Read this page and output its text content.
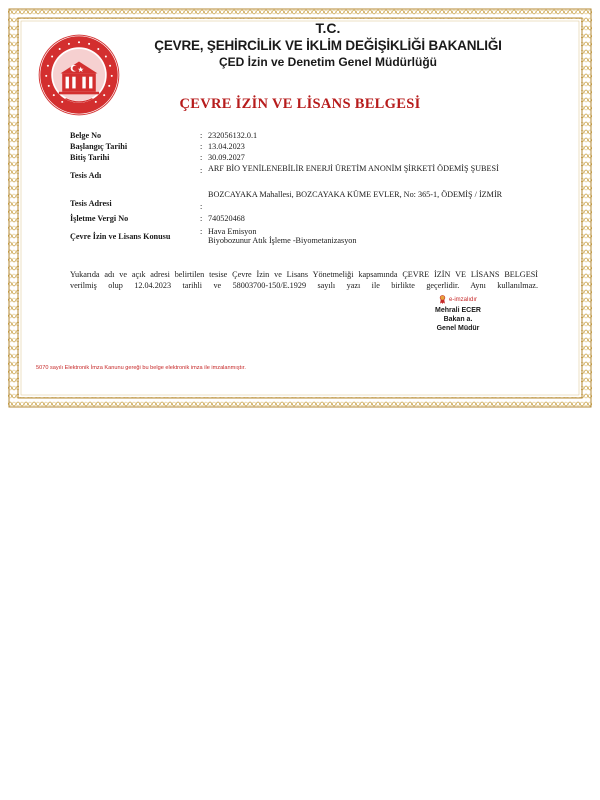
T.C.
ÇEVRE, ŞEHİRCİLİK VE İKLİM DEĞİŞİKLİĞİ BAKANLIĞI
ÇED İzin ve Denetim Genel Müdürlüğü
ÇEVRE İZİN VE LİSANS BELGESİ
Belge No	: 232056132.0.1
Başlangıç Tarihi	: 13.04.2023
Bitiş Tarihi	: 30.09.2027
Tesis Adı
: ARF BİO YENİLENEBİLİR ENERJİ ÜRETİM ANONİM ŞİRKETİ ÖDEMİŞ ŞUBESİ
Tesis Adresi	:
BOZCAYAKA Mahallesi, BOZCAYAKA KÜME EVLER, No: 365-1, ÖDEMİŞ / İZMİR
İşletme Vergi No	: 740520468
Çevre İzin ve Lisans Konusu
: Hava Emisyon
Biyobozunur Atık İşleme -Biyometanizasyon
Yukarıda adı ve açık adresi belirtilen tesise Çevre İzin ve Lisans Yönetmeliği kapsamında ÇEVRE İZİN VE LİSANS BELGESİ
verilmiş olup 12.04.2023 tarihli ve 58003700-150/E.1929 sayılı yazı ile birlikte geçerlidir. Aynı kullanılmaz.
e-imzalıdır
Mehrali ECER
Bakan a.
Genel Müdür
5070 sayılı Elektronik İmza Kanunu gereği bu belge elektronik imza ile imzalanmıştır.
